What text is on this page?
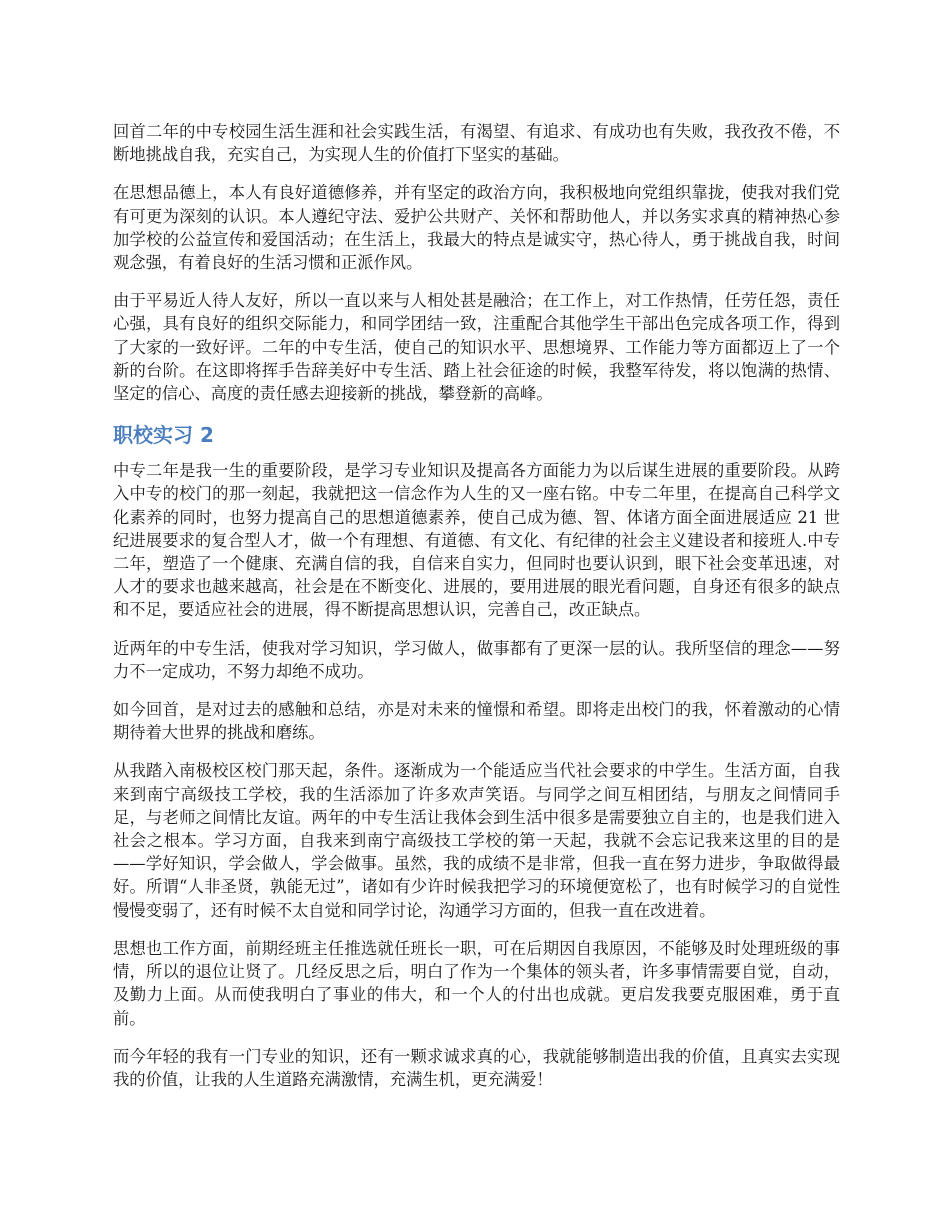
回首二年的中专校园生活生涯和社会实践生活，有渴望、有追求、有成功也有失败，我孜孜不倦，不断地挑战自我，充实自己，为实现人生的价值打下坚实的基础。

在思想品德上，本人有良好道德修养，并有坚定的政治方向，我积极地向党组织靠拢，使我对我们党有可更为深刻的认识。本人遵纪守法、爱护公共财产、关怀和帮助他人，并以务实求真的精神热心参加学校的公益宣传和爱国活动；在生活上，我最大的特点是诚实守，热心待人，勇于挑战自我，时间观念强，有着良好的生活习惯和正派作风。

由于平易近人待人友好，所以一直以来与人相处甚是融洽；在工作上，对工作热情，任劳任怨，责任心强，具有良好的组织交际能力，和同学团结一致，注重配合其他学生干部出色完成各项工作，得到了大家的一致好评。二年的中专生活，使自己的知识水平、思想境界、工作能力等方面都迈上了一个新的台阶。在这即将挥手告辞美好中专生活、踏上社会征途的时候，我整军待发，将以饱满的热情、坚定的信心、高度的责任感去迎接新的挑战，攀登新的高峰。

职校实习 2

中专二年是我一生的重要阶段，是学习专业知识及提高各方面能力为以后谋生进展的重要阶段。从跨入中专的校门的那一刻起，我就把这一信念作为人生的又一座右铭。中专二年里，在提高自己科学文化素养的同时，也努力提高自己的思想道德素养，使自己成为德、智、体诸方面全面进展适应 21 世纪进展要求的复合型人才，做一个有理想、有道德、有文化、有纪律的社会主义建设者和接班人.中专二年，塑造了一个健康、充满自信的我，自信来自实力，但同时也要认识到，眼下社会变革迅速，对人才的要求也越来越高，社会是在不断变化、进展的，要用进展的眼光看问题，自身还有很多的缺点和不足，要适应社会的进展，得不断提高思想认识，完善自己，改正缺点。

近两年的中专生活，使我对学习知识，学习做人，做事都有了更深一层的认。我所坚信的理念——努力不一定成功，不努力却绝不成功。

如今回首，是对过去的感触和总结，亦是对未来的憧憬和希望。即将走出校门的我，怀着激动的心情期待着大世界的挑战和磨练。

从我踏入南极校区校门那天起，条件。逐渐成为一个能适应当代社会要求的中学生。生活方面，自我来到南宁高级技工学校，我的生活添加了许多欢声笑语。与同学之间互相团结，与朋友之间情同手足，与老师之间情比友谊。两年的中专生活让我体会到生活中很多是需要独立自主的，也是我们进入社会之根本。学习方面，自我来到南宁高级技工学校的第一天起，我就不会忘记我来这里的目的是——学好知识，学会做人，学会做事。虽然，我的成绩不是非常，但我一直在努力进步，争取做得最好。所谓“人非圣贤，孰能无过”，诸如有少许时候我把学习的环境便宽松了，也有时候学习的自觉性慢慢变弱了，还有时候不太自觉和同学讨论，沟通学习方面的，但我一直在改进着。

思想也工作方面，前期经班主任推选就任班长一职，可在后期因自我原因，不能够及时处理班级的事情，所以的退位让贤了。几经反思之后，明白了作为一个集体的领头者，许多事情需要自觉，自动，及勤力上面。从而使我明白了事业的伟大，和一个人的付出也成就。更启发我要克服困难，勇于直前。

而今年轻的我有一门专业的知识，还有一颗求诚求真的心，我就能够制造出我的价值，且真实去实现我的价值，让我的人生道路充满激情，充满生机，更充满爱！
